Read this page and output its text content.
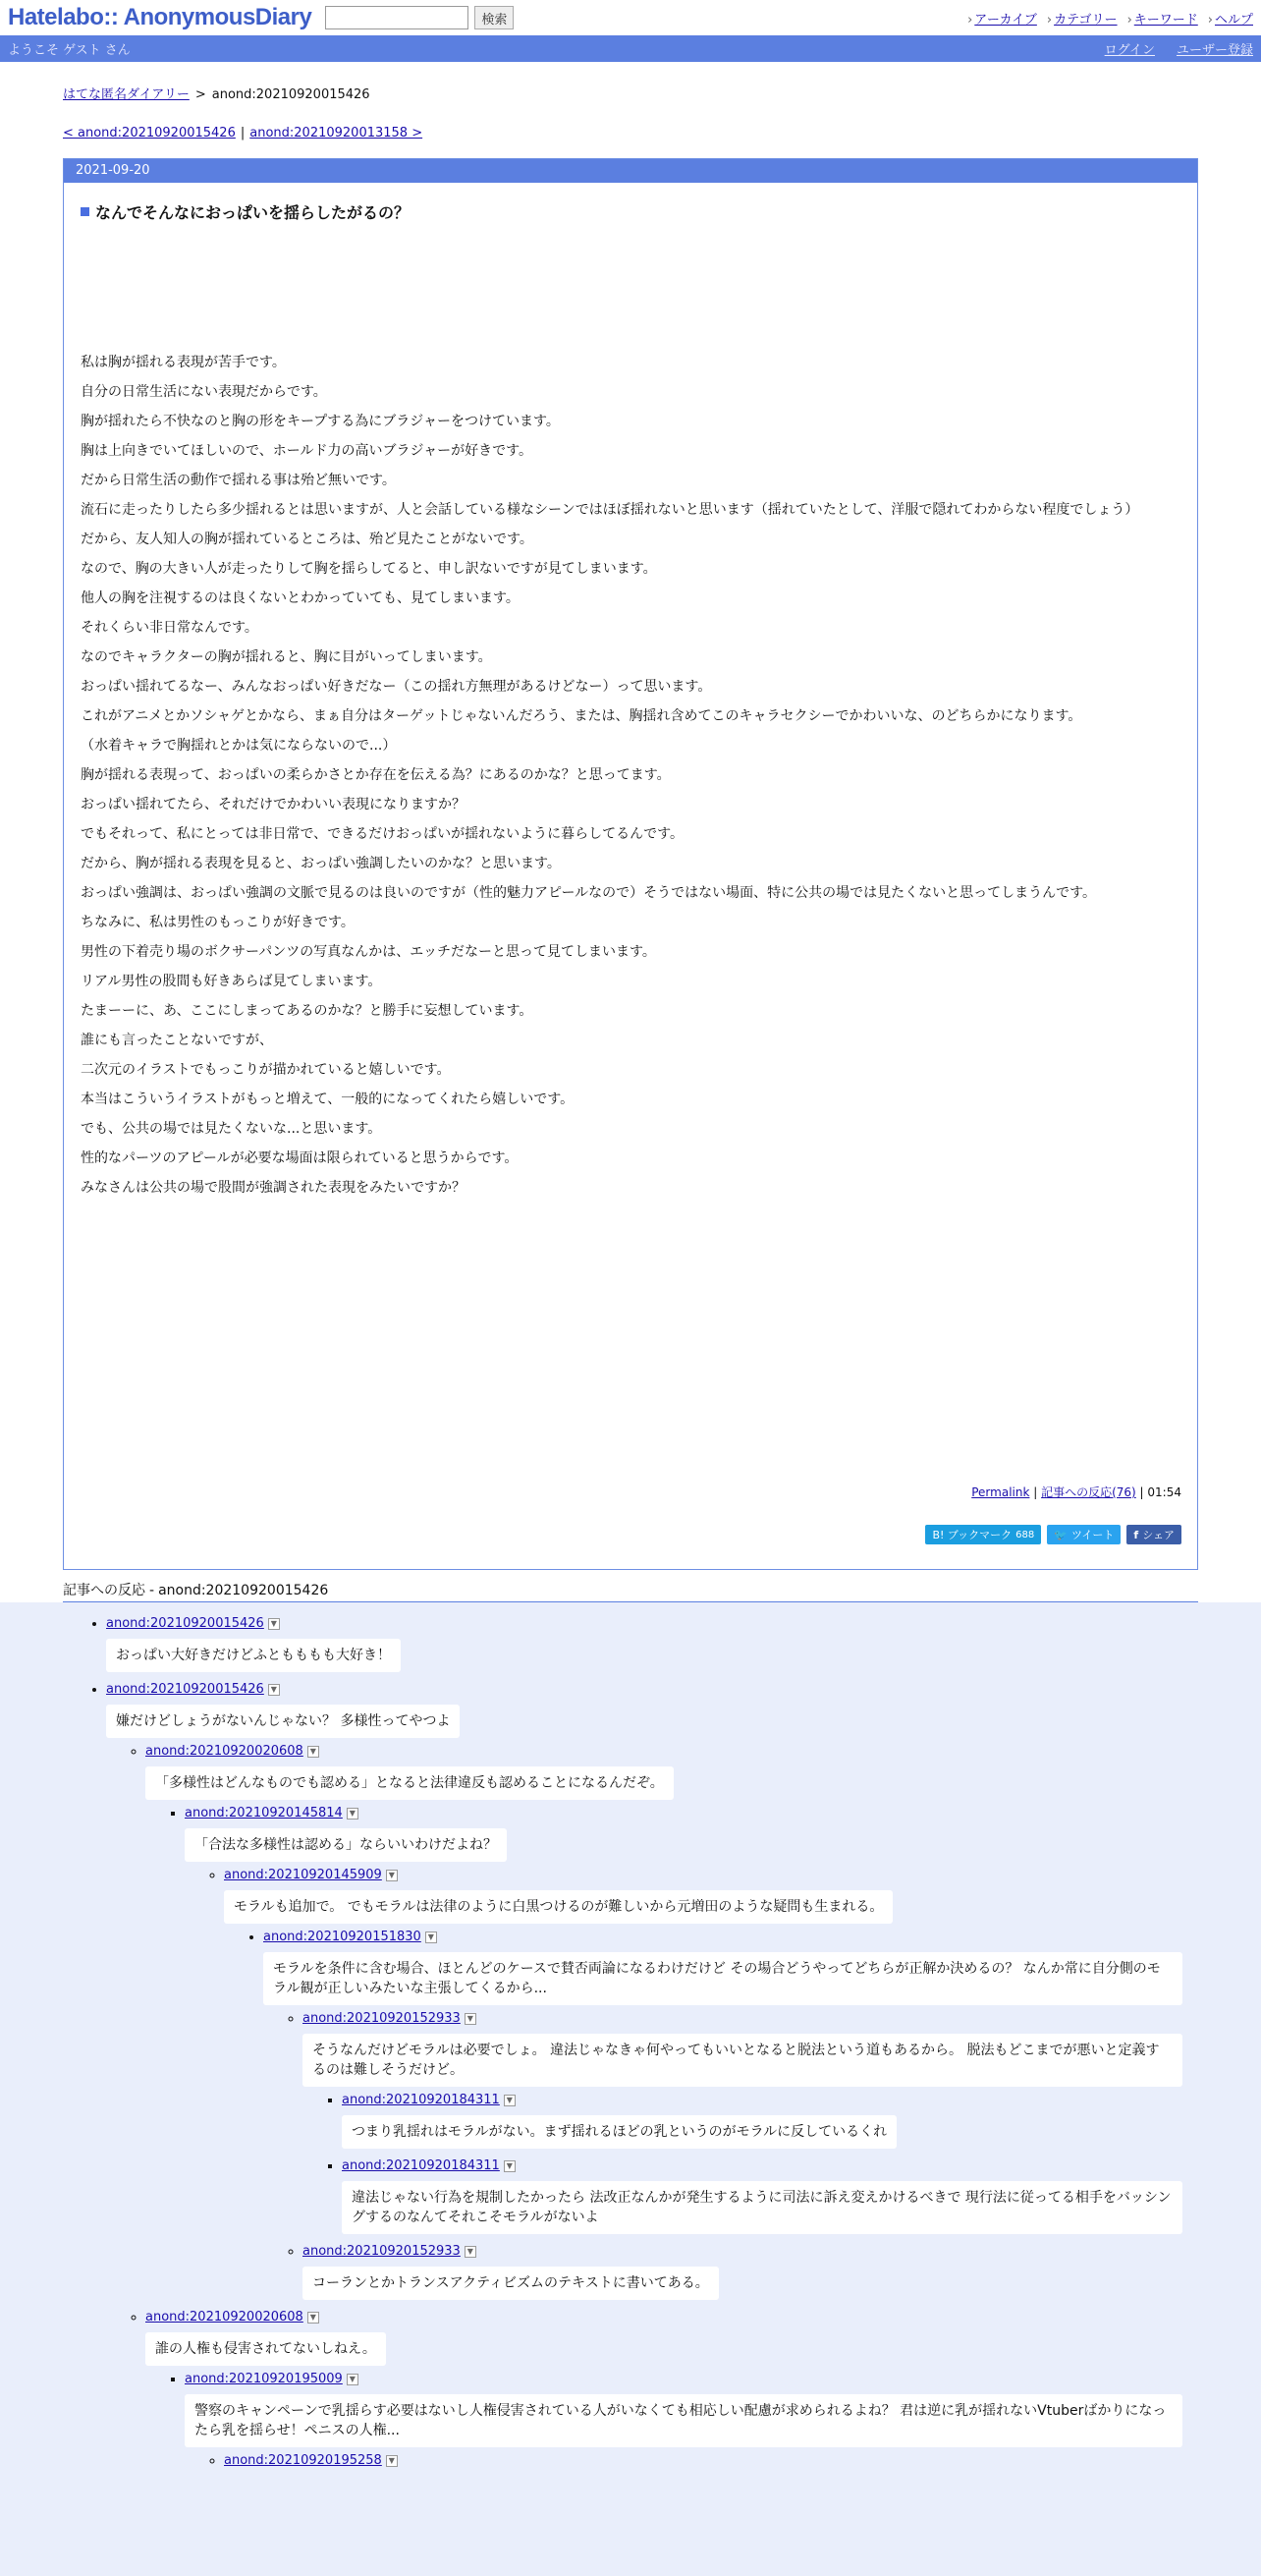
Hatelabo:: AnonymousDiary	検索	› アーカイブ	› カテゴリー	› キーワード	› ヘルプ
ようこそ ゲスト さん	ログイン ユーザー登録
はてな匿名ダイアリー > anond:20210920015426
< anond:20210920015426 | anond:20210920013158 >
2021-09-20
なんでそんなにおっぱいを揺らしたがるの？

私は胸が揺れる表現が苦手です。

自分の日常生活にない表現だからです。

胸が揺れたら不快なのと胸の形をキープする為にブラジャーをつけています。

胸は上向きでいてほしいので、ホールド力の高いブラジャーが好きです。

だから日常生活の動作で揺れる事は殆ど無いです。

流石に走ったりしたら多少揺れるとは思いますが、人と会話している様なシーンではほぼ揺れないと思います（揺れていたとして、洋服で隠れてわからない程度でしょう）

だから、友人知人の胸が揺れているところは、殆ど見たことがないです。

なので、胸の大きい人が走ったりして胸を揺らしてると、申し訳ないですが見てしまいます。

他人の胸を注視するのは良くないとわかっていても、見てしまいます。

それくらい非日常なんです。

なのでキャラクターの胸が揺れると、胸に目がいってしまいます。

おっぱい揺れてるなー、みんなおっぱい好きだなー（この揺れ方無理があるけどなー）って思います。

これがアニメとかソシャゲとかなら、まぁ自分はターゲットじゃないんだろう、または、胸揺れ含めてこのキャラセクシーでかわいいな、のどちらかになります。

（水着キャラで胸揺れとかは気にならないので...）

胸が揺れる表現って、おっぱいの柔らかさとか存在を伝える為？にあるのかな？と思ってます。

おっぱい揺れてたら、それだけでかわいい表現になりますか？

でもそれって、私にとっては非日常で、できるだけおっぱいが揺れないように暮らしてるんです。

だから、胸が揺れる表現を見ると、おっぱい強調したいのかな？と思います。

おっぱい強調は、おっぱい強調の文脈で見るのは良いのですが（性的魅力アピールなので）そうではない場面、特に公共の場では見たくないと思ってしまうんです。

ちなみに、私は男性のもっこりが好きです。

男性の下着売り場のボクサーパンツの写真なんかは、エッチだなーと思って見てしまいます。

リアル男性の股間も好きあらば見てしまいます。

たまーーに、あ、ここにしまってあるのかな？と勝手に妄想しています。

誰にも言ったことないですが、

二次元のイラストでもっこりが描かれていると嬉しいです。

本当はこういうイラストがもっと増えて、一般的になってくれたら嬉しいです。

でも、公共の場では見たくないな...と思います。

性的なパーツのアピールが必要な場面は限られていると思うからです。

みなさんは公共の場で股間が強調された表現をみたいですか？

Permalink | 記事への反応(76) | 01:54
B! ブックマーク 688 🐦 ツイート f シェア
記事への反応 - anond:20210920015426
• anond:20210920015426 ▼
おっぱい大好きだけどふともももも大好き！
• anond:20210920015426 ▼
嫌だけどしょうがないんじゃない？ 多様性ってやつよ
◦ anond:20210920020608 ▼
「多様性はどんなものでも認める」となると法律違反も認めることになるんだぞ。
▪ anond:20210920145814 ▼
「合法な多様性は認める」ならいいわけだよね？
◦ anond:20210920145909 ▼
モラルも追加で。 でもモラルは法律のように白黒つけるのが難しいから元増田のような疑問も生まれる。
• anond:20210920151830 ▼
モラルを条件に含む場合、ほとんどのケースで賛否両論になるわけだけど その場合どうやってどちらが正解か決めるの？ なんか常に自分側のモラル観が正しいみたいな主張してくるから...
◦ anond:20210920152933 ▼
そうなんだけどモラルは必要でしょ。 違法じゃなきゃ何やってもいいとなると脱法という道もあるから。 脱法もどこまでが悪いと定義するのは難しそうだけど。
▪ anond:20210920184311 ▼
つまり乳揺れはモラルがない。まず揺れるほどの乳というのがモラルに反しているくれ
▪ anond:20210920184311 ▼
違法じゃない行為を規制したかったら 法改正なんかが発生するように司法に訴え変えかけるべきで 現行法に従ってる相手をバッシングするのなんてそれこそモラルがないよ
◦ anond:20210920152933 ▼
コーランとかトランスアクティビズムのテキストに書いてある。
◦ anond:20210920020608 ▼
誰の人権も侵害されてないしねえ。
▪ anond:20210920195009 ▼
警察のキャンペーンで乳揺らす必要はないし人権侵害されている人がいなくても相応しい配慮が求められるよね？ 君は逆に乳が揺れないVtuberばかりになったら乳を揺らせ！ペニスの人権...
◦ anond:20210920195258 ▼
